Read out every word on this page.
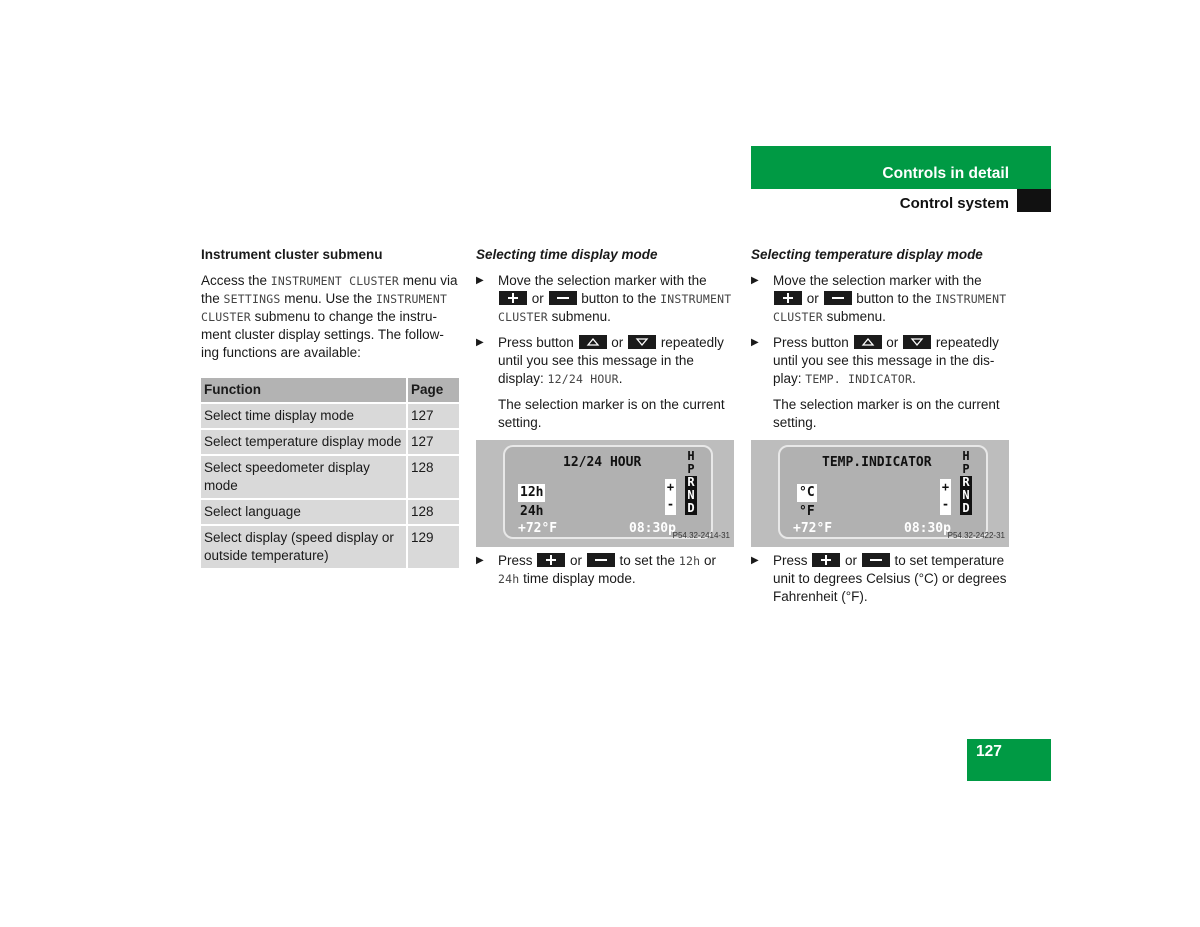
Controls in detail
Control system
Instrument cluster submenu

Access the INSTRUMENT CLUSTER menu via the SETTINGS menu. Use the INSTRUMENT CLUSTER submenu to change the instru-ment cluster display settings. The follow-ing functions are available:

Function	Page
Select time display mode	127
Select temperature display mode	127
Select speedometer display mode	128
Select language	128
Select display (speed display or outside temperature)	129
Selecting time display mode
▶ Move the selection marker with the
or
button to the INSTRUMENT CLUSTER submenu.
▶ Press button
or
repeatedly until you see this message in the display: 12/24 HOUR.
The selection marker is on the current setting.
12/24 HOUR
12h
24h
+
-
H
P
R
N
D
+72°F	08:30p
P54.32-2414-31
▶ Press
or
to set the 12h or 24h time display mode.
Selecting temperature display mode
▶ Move the selection marker with the
or
button to the INSTRUMENT CLUSTER submenu.
▶ Press button
or
repeatedly until you see this message in the dis-play: TEMP. INDICATOR.
The selection marker is on the current setting.
TEMP.INDICATOR
°C
°F
+
-
H
P
R
N
D
+72°F	08:30p
P54.32-2422-31
▶ Press
or
to set temperature unit to degrees Celsius (°C) or degrees Fahrenheit (°F).
127
